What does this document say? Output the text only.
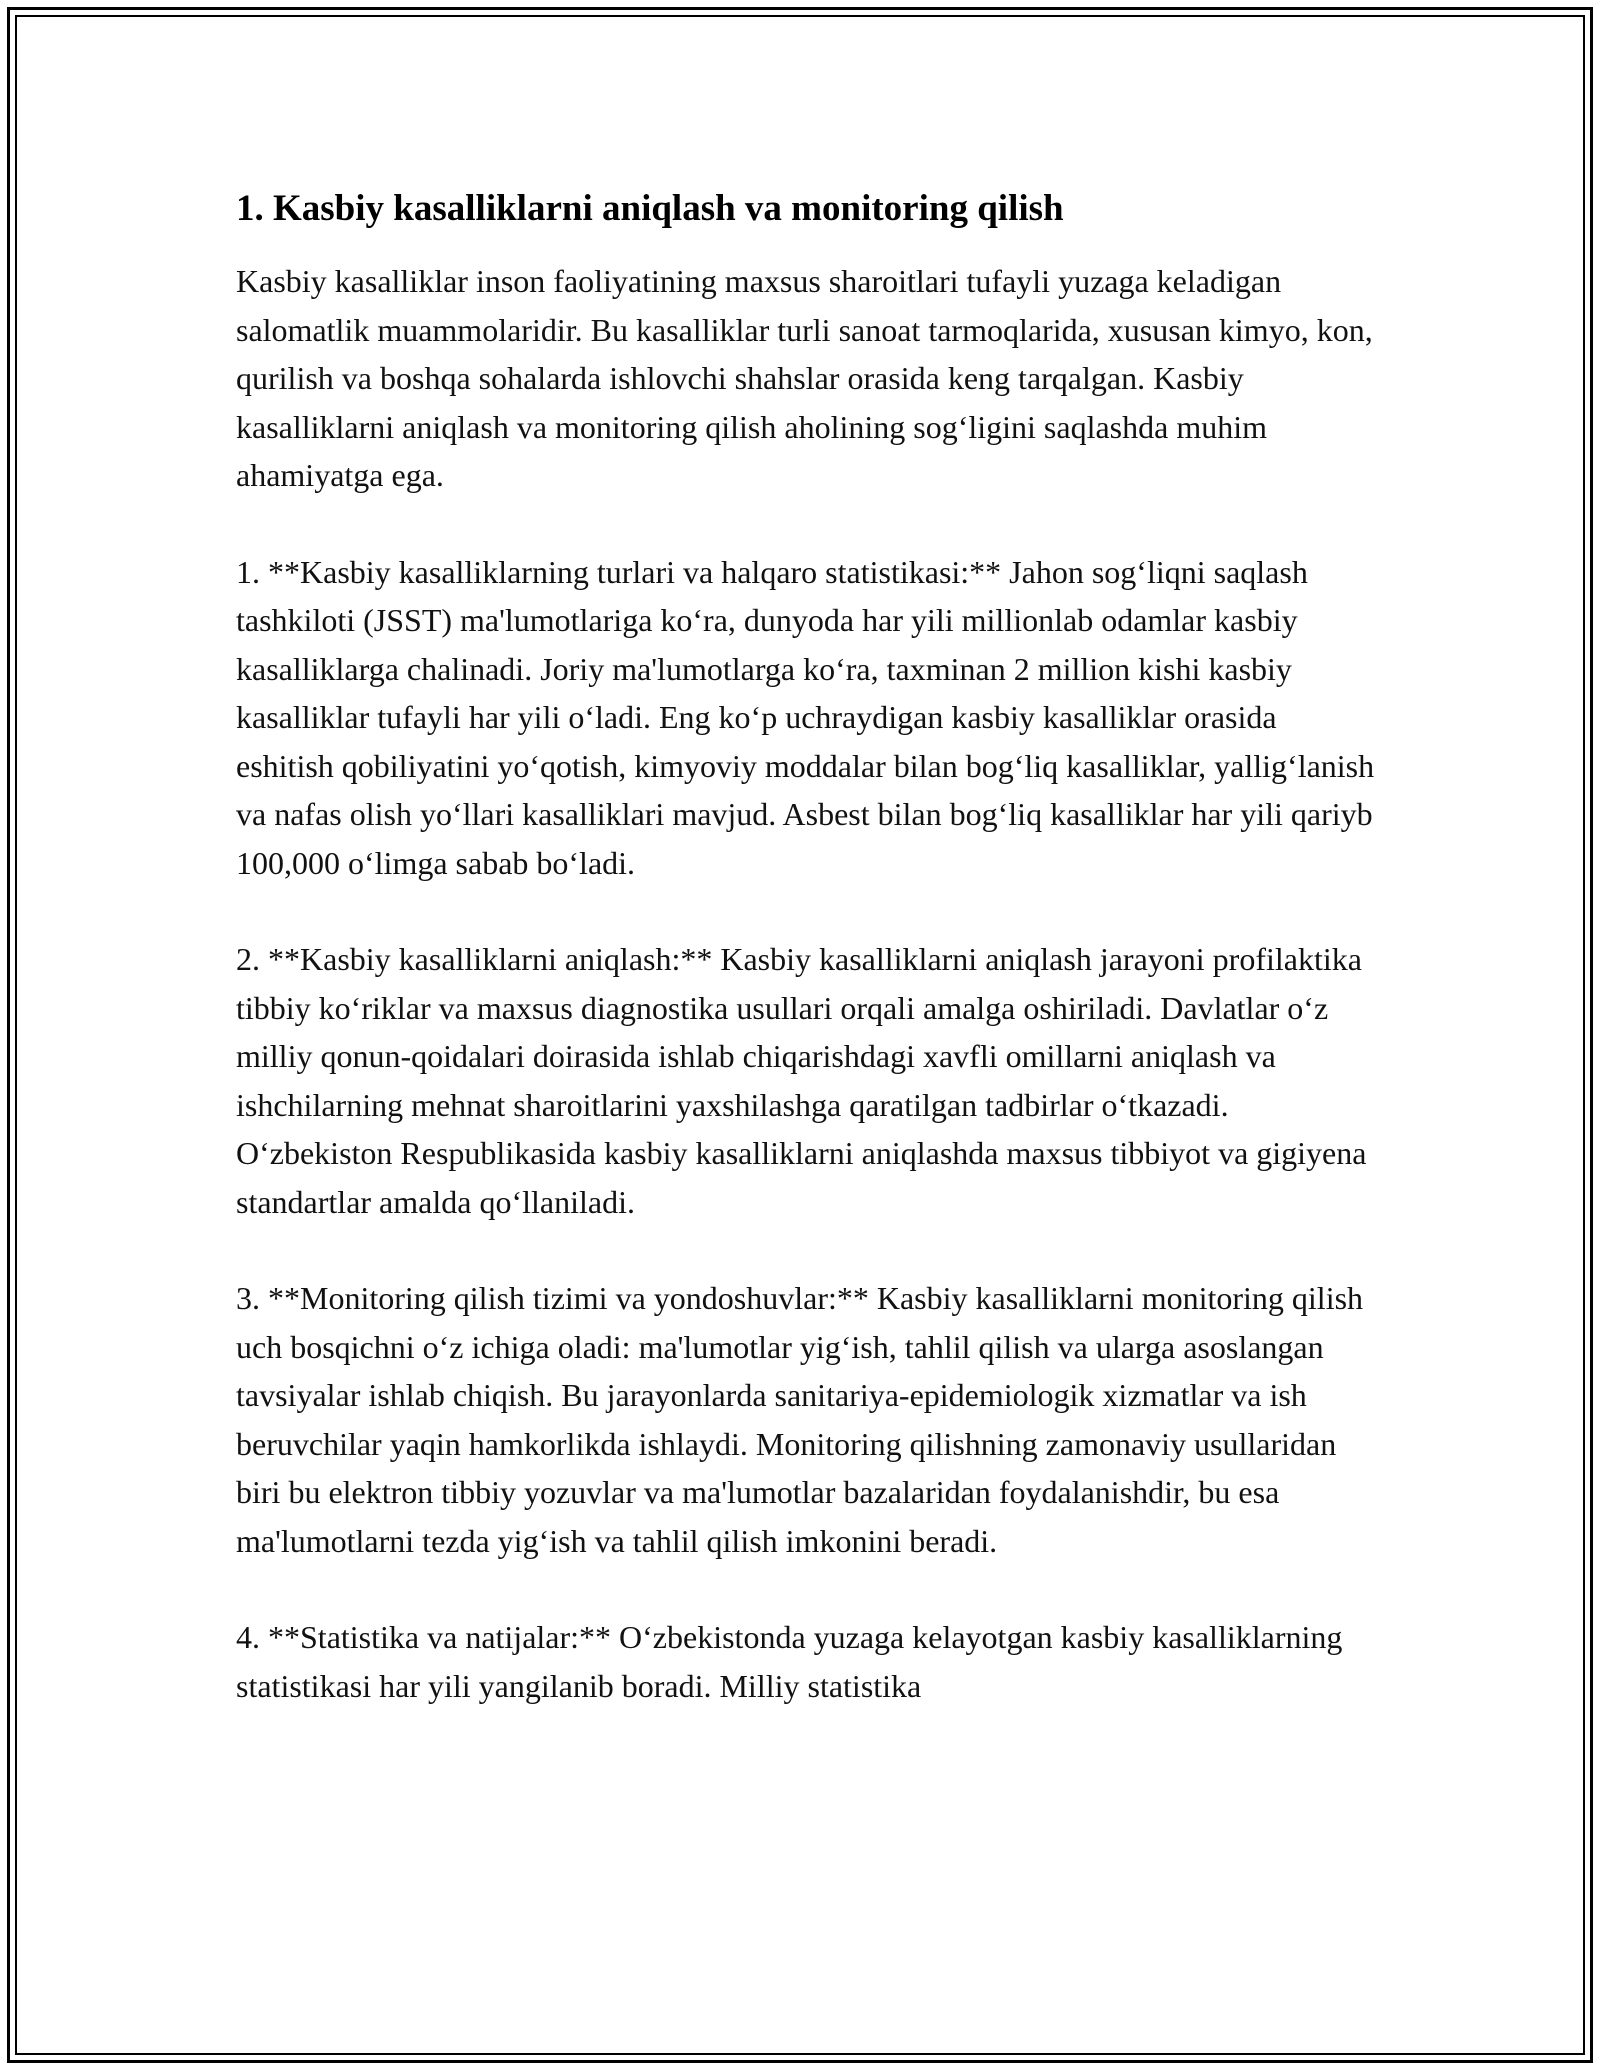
1. Kasbiy kasalliklarni aniqlash va monitoring qilish

Kasbiy kasalliklar inson faoliyatining maxsus sharoitlari tufayli yuzaga keladigan salomatlik muammolaridir. Bu kasalliklar turli sanoat tarmoqlarida, xususan kimyo, kon, qurilish va boshqa sohalarda ishlovchi shahslar orasida keng tarqalgan. Kasbiy kasalliklarni aniqlash va monitoring qilish aholining sog‘ligini saqlashda muhim ahamiyatga ega.

1. **Kasbiy kasalliklarning turlari va halqaro statistikasi:** Jahon sog‘liqni saqlash tashkiloti (JSST) ma'lumotlariga ko‘ra, dunyoda har yili millionlab odamlar kasbiy kasalliklarga chalinadi. Joriy ma'lumotlarga ko‘ra, taxminan 2 million kishi kasbiy kasalliklar tufayli har yili o‘ladi. Eng ko‘p uchraydigan kasbiy kasalliklar orasida eshitish qobiliyatini yo‘qotish, kimyoviy moddalar bilan bog‘liq kasalliklar, yallig‘lanish va nafas olish yo‘llari kasalliklari mavjud. Asbest bilan bog‘liq kasalliklar har yili qariyb 100,000 o‘limga sabab bo‘ladi.

2. **Kasbiy kasalliklarni aniqlash:** Kasbiy kasalliklarni aniqlash jarayoni profilaktika tibbiy ko‘riklar va maxsus diagnostika usullari orqali amalga oshiriladi. Davlatlar o‘z milliy qonun-qoidalari doirasida ishlab chiqarishdagi xavfli omillarni aniqlash va ishchilarning mehnat sharoitlarini yaxshilashga qaratilgan tadbirlar o‘tkazadi. O‘zbekiston Respublikasida kasbiy kasalliklarni aniqlashda maxsus tibbiyot va gigiyena standartlar amalda qo‘llaniladi.

3. **Monitoring qilish tizimi va yondoshuvlar:** Kasbiy kasalliklarni monitoring qilish uch bosqichni o‘z ichiga oladi: ma'lumotlar yig‘ish, tahlil qilish va ularga asoslangan tavsiyalar ishlab chiqish. Bu jarayonlarda sanitariya-epidemiologik xizmatlar va ish beruvchilar yaqin hamkorlikda ishlaydi. Monitoring qilishning zamonaviy usullaridan biri bu elektron tibbiy yozuvlar va ma'lumotlar bazalaridan foydalanishdir, bu esa ma'lumotlarni tezda yig‘ish va tahlil qilish imkonini beradi.

4. **Statistika va natijalar:** O‘zbekistonda yuzaga kelayotgan kasbiy kasalliklarning statistikasi har yili yangilanib boradi. Milliy statistika
